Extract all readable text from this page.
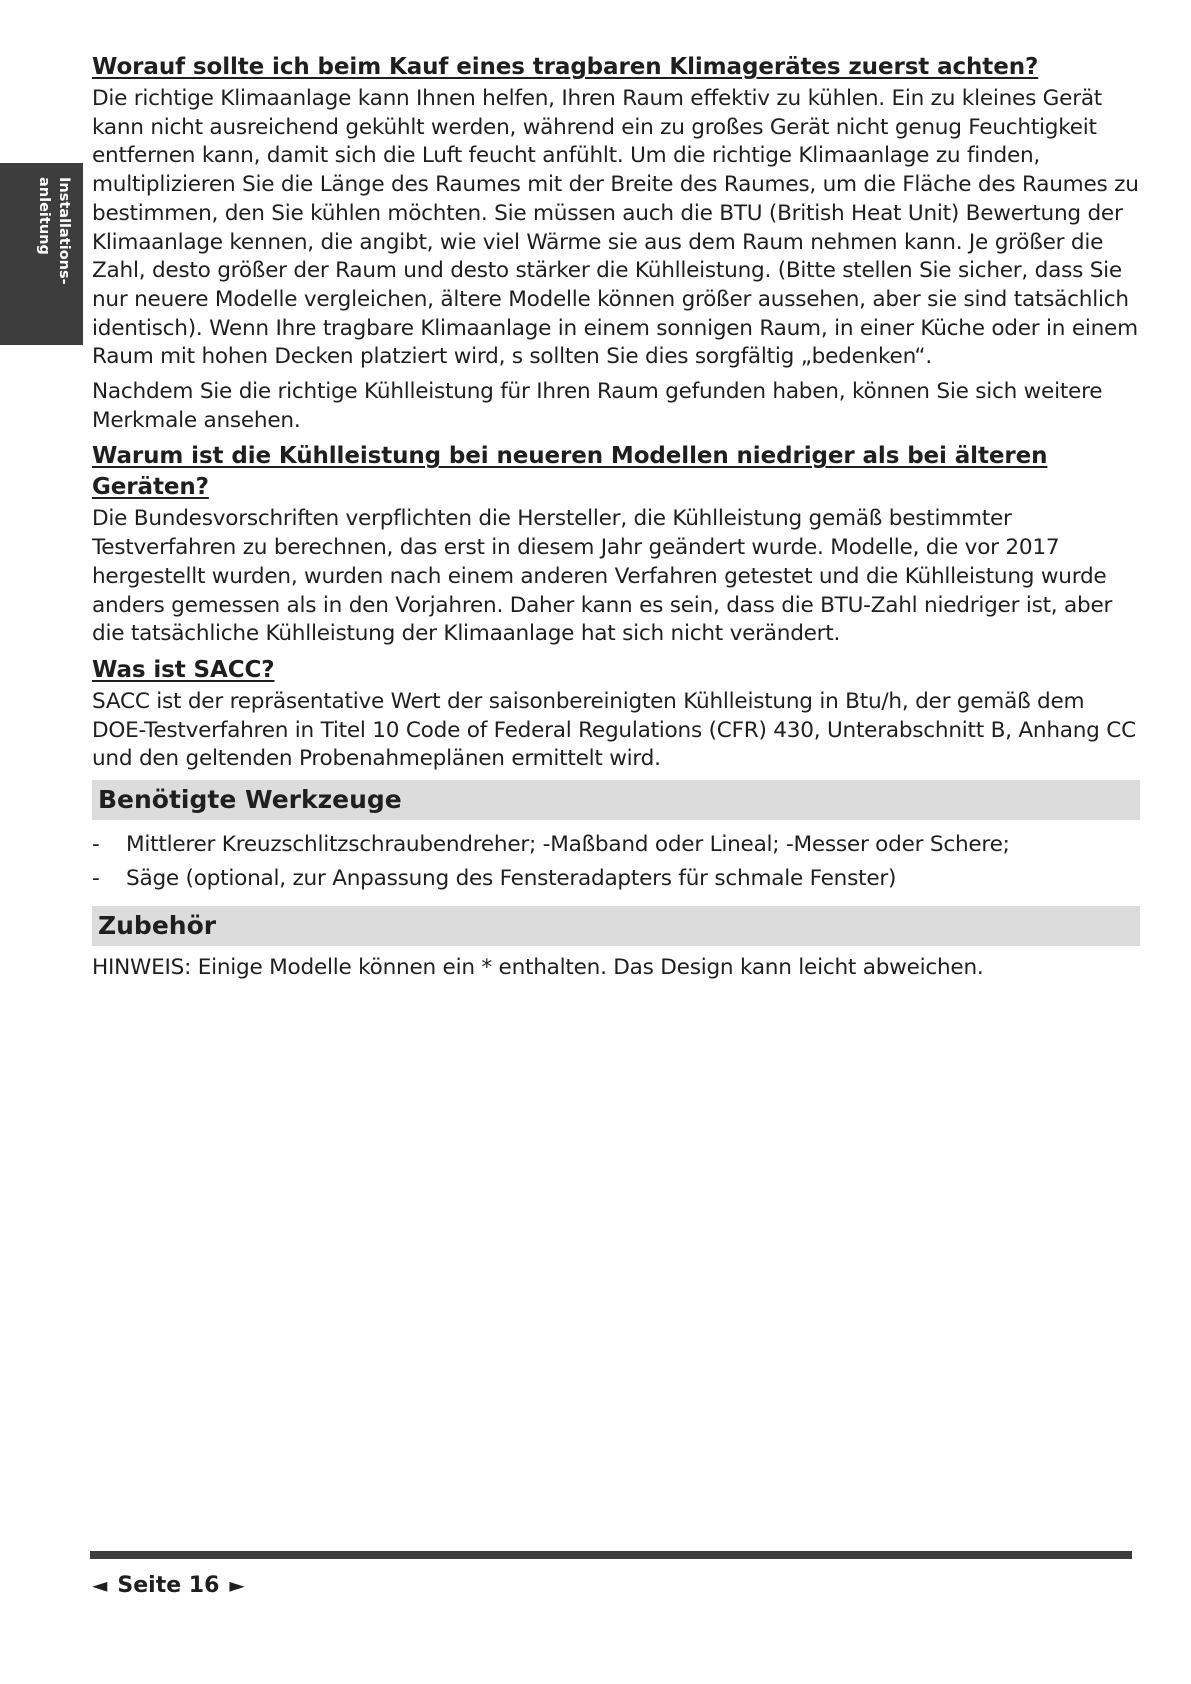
Installations-
anleitung
Worauf sollte ich beim Kauf eines tragbaren Klimagerätes zuerst achten?

Die richtige Klimaanlage kann Ihnen helfen, Ihren Raum effektiv zu kühlen. Ein zu kleines Gerät kann nicht ausreichend gekühlt werden, während ein zu großes Gerät nicht genug Feuchtigkeit entfernen kann, damit sich die Luft feucht anfühlt. Um die richtige Klimaanlage zu finden, multiplizieren Sie die Länge des Raumes mit der Breite des Raumes, um die Fläche des Raumes zu bestimmen, den Sie kühlen möchten. Sie müssen auch die BTU (British Heat Unit) Bewertung der Klimaanlage kennen, die angibt, wie viel Wärme sie aus dem Raum nehmen kann. Je größer die Zahl, desto größer der Raum und desto stärker die Kühlleistung. (Bitte stellen Sie sicher, dass Sie nur neuere Modelle vergleichen, ältere Modelle können größer aussehen, aber sie sind tatsächlich identisch). Wenn Ihre tragbare Klimaanlage in einem sonnigen Raum, in einer Küche oder in einem Raum mit hohen Decken platziert wird, s sollten Sie dies sorgfältig „bedenken“.

Nachdem Sie die richtige Kühlleistung für Ihren Raum gefunden haben, können Sie sich weitere Merkmale ansehen.

Warum ist die Kühlleistung bei neueren Modellen niedriger als bei älteren Geräten?

Die Bundesvorschriften verpflichten die Hersteller, die Kühlleistung gemäß bestimmter Testverfahren zu berechnen, das erst in diesem Jahr geändert wurde. Modelle, die vor 2017 hergestellt wurden, wurden nach einem anderen Verfahren getestet und die Kühlleistung wurde anders gemessen als in den Vorjahren. Daher kann es sein, dass die BTU-Zahl niedriger ist, aber die tatsächliche Kühlleistung der Klimaanlage hat sich nicht verändert.

Was ist SACC?

SACC ist der repräsentative Wert der saisonbereinigten Kühlleistung in Btu/h, der gemäß dem DOE-Testverfahren in Titel 10 Code of Federal Regulations (CFR) 430, Unterabschnitt B, Anhang CC und den geltenden Probenahmeplänen ermittelt wird.

Benötigte Werkzeuge
- Mittlerer Kreuzschlitzschraubendreher; -Maßband oder Lineal; -Messer oder Schere;
- Säge (optional, zur Anpassung des Fensteradapters für schmale Fenster)
Zubehör

HINWEIS: Einige Modelle können ein * enthalten. Das Design kann leicht abweichen.

◄ Seite 16 ►
